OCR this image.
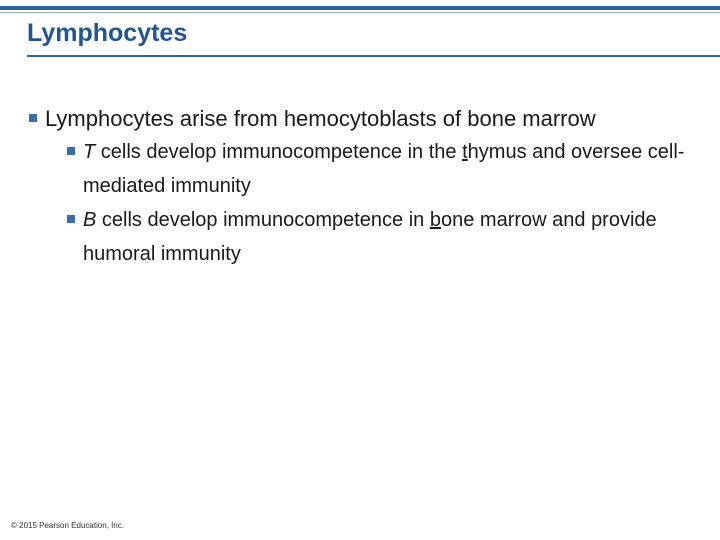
Lymphocytes
Lymphocytes arise from hemocytoblasts of bone marrow
T cells develop immunocompetence in the thymus and oversee cell-mediated immunity
B cells develop immunocompetence in bone marrow and provide humoral immunity
© 2015 Pearson Education, Inc.
